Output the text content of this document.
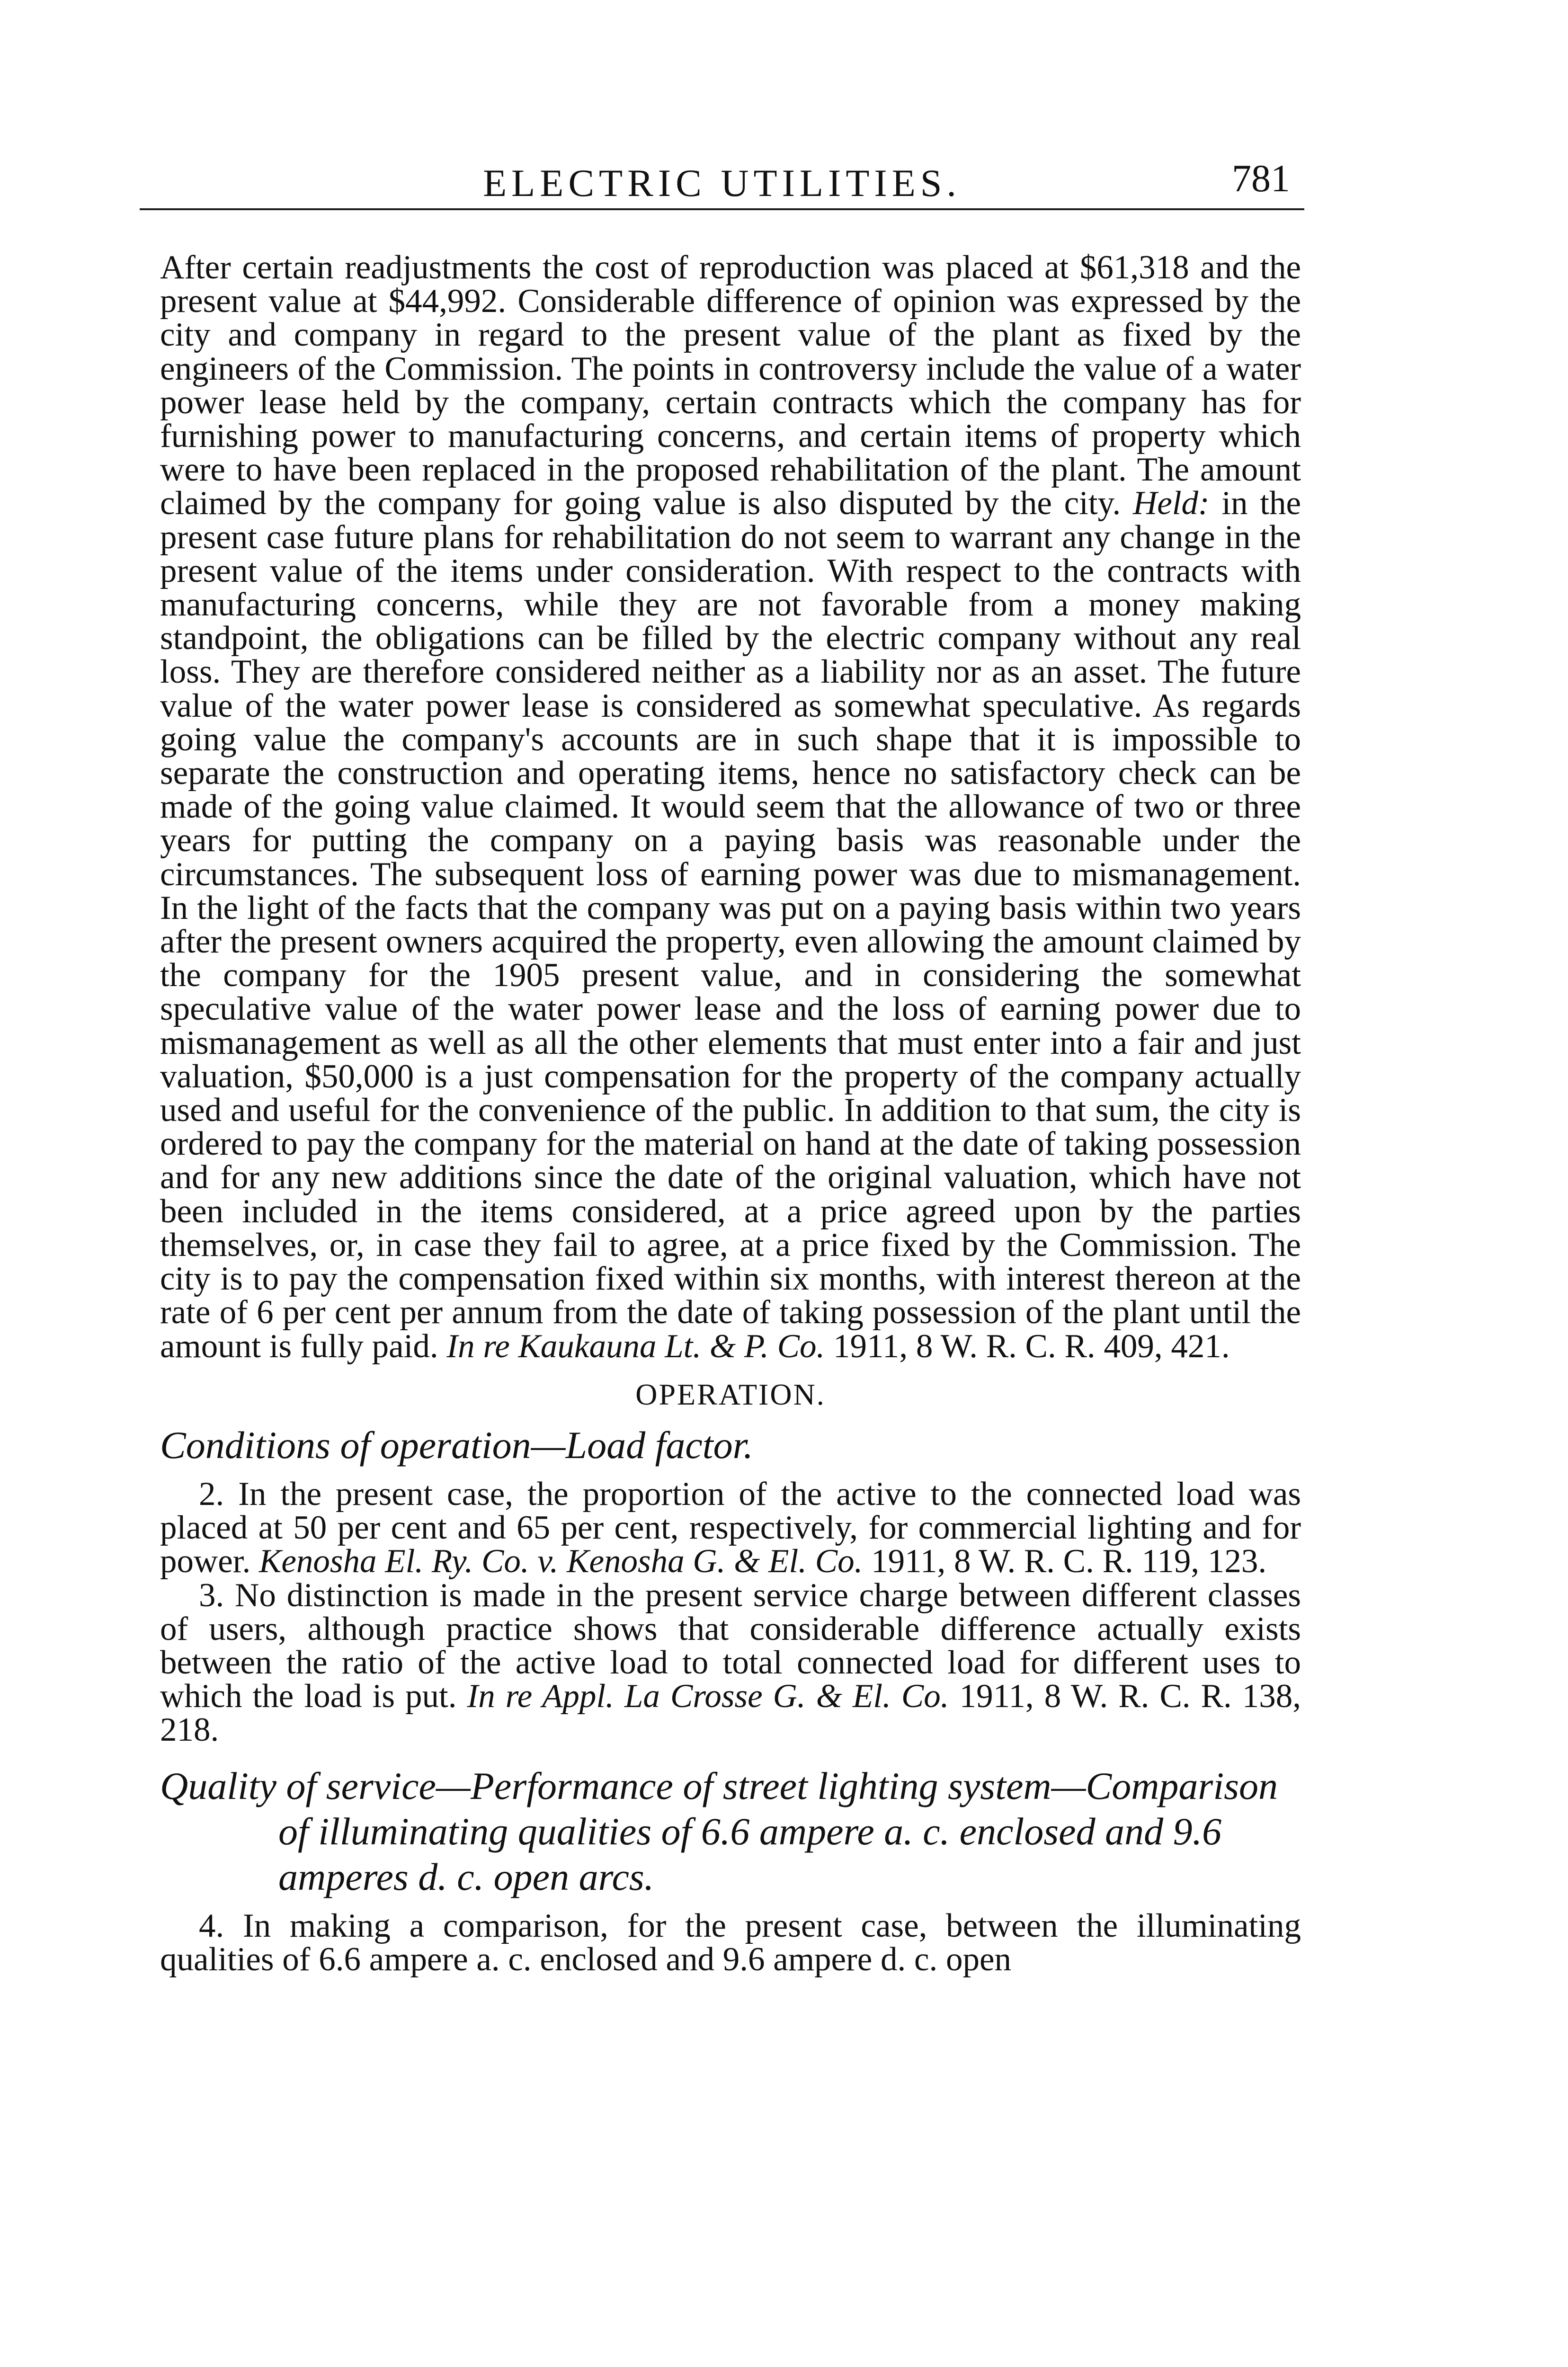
ELECTRIC UTILITIES.	781

After certain readjustments the cost of reproduction was placed at $61,318 and the present value at $44,992. Considerable difference of opinion was expressed by the city and company in regard to the present value of the plant as fixed by the engineers of the Commission. The points in controversy include the value of a water power lease held by the company, certain contracts which the company has for furnishing power to manufacturing concerns, and certain items of property which were to have been replaced in the proposed rehabilitation of the plant. The amount claimed by the company for going value is also disputed by the city. Held: in the present case future plans for rehabilitation do not seem to warrant any change in the present value of the items under consideration. With respect to the contracts with manufacturing concerns, while they are not favorable from a money making standpoint, the obligations can be filled by the electric company without any real loss. They are therefore considered neither as a liability nor as an asset. The future value of the water power lease is considered as somewhat speculative. As regards going value the company's accounts are in such shape that it is impossible to separate the construction and operating items, hence no satisfactory check can be made of the going value claimed. It would seem that the allowance of two or three years for putting the company on a paying basis was reasonable under the circumstances. The subsequent loss of earning power was due to mismanagement. In the light of the facts that the company was put on a paying basis within two years after the present owners acquired the property, even allowing the amount claimed by the company for the 1905 present value, and in considering the somewhat speculative value of the water power lease and the loss of earning power due to mismanagement as well as all the other elements that must enter into a fair and just valuation, $50,000 is a just compensation for the property of the company actually used and useful for the convenience of the public. In addition to that sum, the city is ordered to pay the company for the material on hand at the date of taking possession and for any new additions since the date of the original valuation, which have not been included in the items considered, at a price agreed upon by the parties themselves, or, in case they fail to agree, at a price fixed by the Commission. The city is to pay the compensation fixed within six months, with interest thereon at the rate of 6 per cent per annum from the date of taking possession of the plant until the amount is fully paid. In re Kaukauna Lt. & P. Co. 1911, 8 W. R. C. R. 409, 421.

OPERATION.

Conditions of operation—Load factor.

2. In the present case, the proportion of the active to the connected load was placed at 50 per cent and 65 per cent, respectively, for commercial lighting and for power. Kenosha El. Ry. Co. v. Kenosha G. & El. Co. 1911, 8 W. R. C. R. 119, 123.

3. No distinction is made in the present service charge between different classes of users, although practice shows that considerable difference actually exists between the ratio of the active load to total connected load for different uses to which the load is put. In re Appl. La Crosse G. & El. Co. 1911, 8 W. R. C. R. 138, 218.

Quality of service—Performance of street lighting system—Comparison of illuminating qualities of 6.6 ampere a. c. enclosed and 9.6 amperes d. c. open arcs.

4. In making a comparison, for the present case, between the illuminating qualities of 6.6 ampere a. c. enclosed and 9.6 ampere d. c. open
